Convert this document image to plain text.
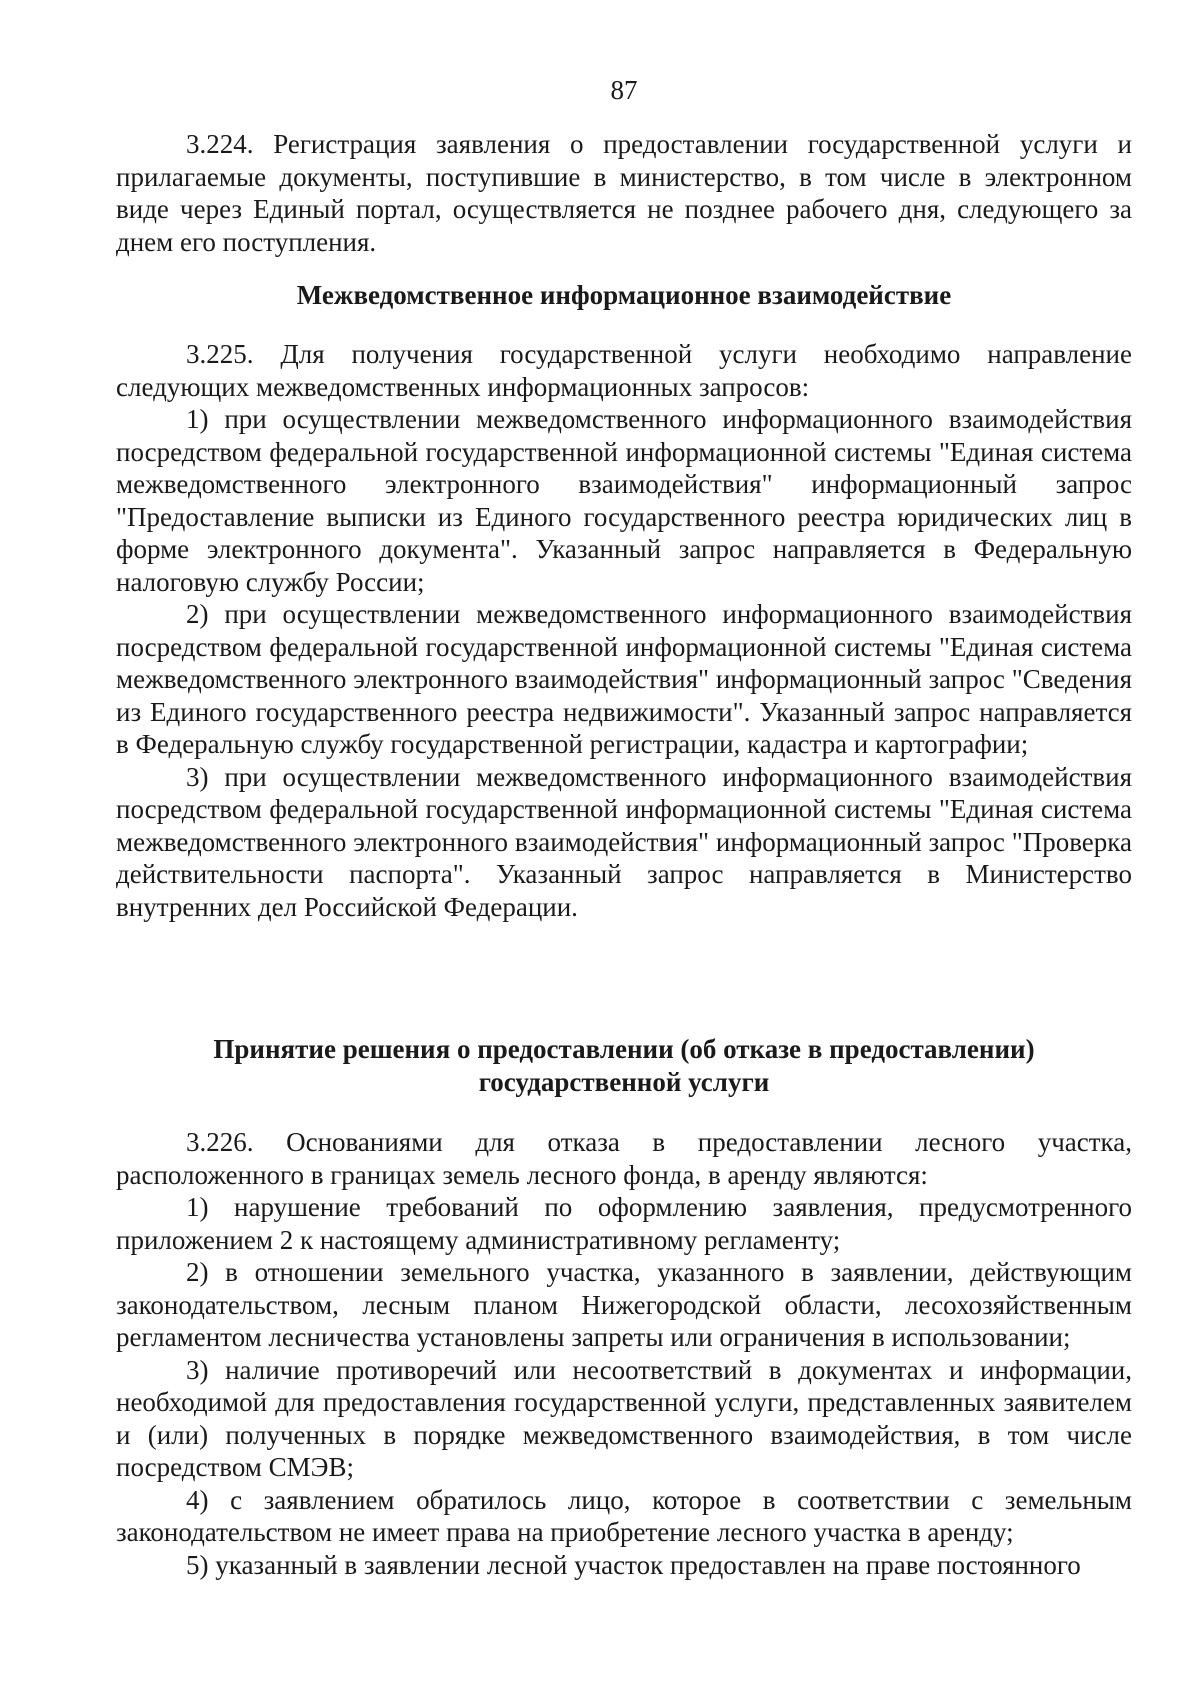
87

3.224. Регистрация заявления о предоставлении государственной услуги и прилагаемые документы, поступившие в министерство, в том числе в электронном виде через Единый портал, осуществляется не позднее рабочего дня, следующего за днем его поступления.

Межведомственное информационное взаимодействие

3.225. Для получения государственной услуги необходимо направление следующих межведомственных информационных запросов:

1) при осуществлении межведомственного информационного взаимодействия посредством федеральной государственной информационной системы "Единая система межведомственного электронного взаимодействия" информационный запрос "Предоставление выписки из Единого государственного реестра юридических лиц в форме электронного документа". Указанный запрос направляется в Федеральную налоговую службу России;

2) при осуществлении межведомственного информационного взаимодействия посредством федеральной государственной информационной системы "Единая система межведомственного электронного взаимодействия" информационный запрос "Сведения из Единого государственного реестра недвижимости". Указанный запрос направляется в Федеральную службу государственной регистрации, кадастра и картографии;

3) при осуществлении межведомственного информационного взаимодействия посредством федеральной государственной информационной системы "Единая система межведомственного электронного взаимодействия" информационный запрос "Проверка действительности паспорта". Указанный запрос направляется в Министерство внутренних дел Российской Федерации.

Принятие решения о предоставлении (об отказе в предоставлении)

государственной услуги

3.226. Основаниями для отказа в предоставлении лесного участка, расположенного в границах земель лесного фонда, в аренду являются:

1) нарушение требований по оформлению заявления, предусмотренного приложением 2 к настоящему административному регламенту;

2) в отношении земельного участка, указанного в заявлении, действующим законодательством, лесным планом Нижегородской области, лесохозяйственным регламентом лесничества установлены запреты или ограничения в использовании;

3) наличие противоречий или несоответствий в документах и информации, необходимой для предоставления государственной услуги, представленных заявителем и (или) полученных в порядке межведомственного взаимодействия, в том числе посредством СМЭВ;

4) с заявлением обратилось лицо, которое в соответствии с земельным законодательством не имеет права на приобретение лесного участка в аренду;

5) указанный в заявлении лесной участок предоставлен на праве постоянного
